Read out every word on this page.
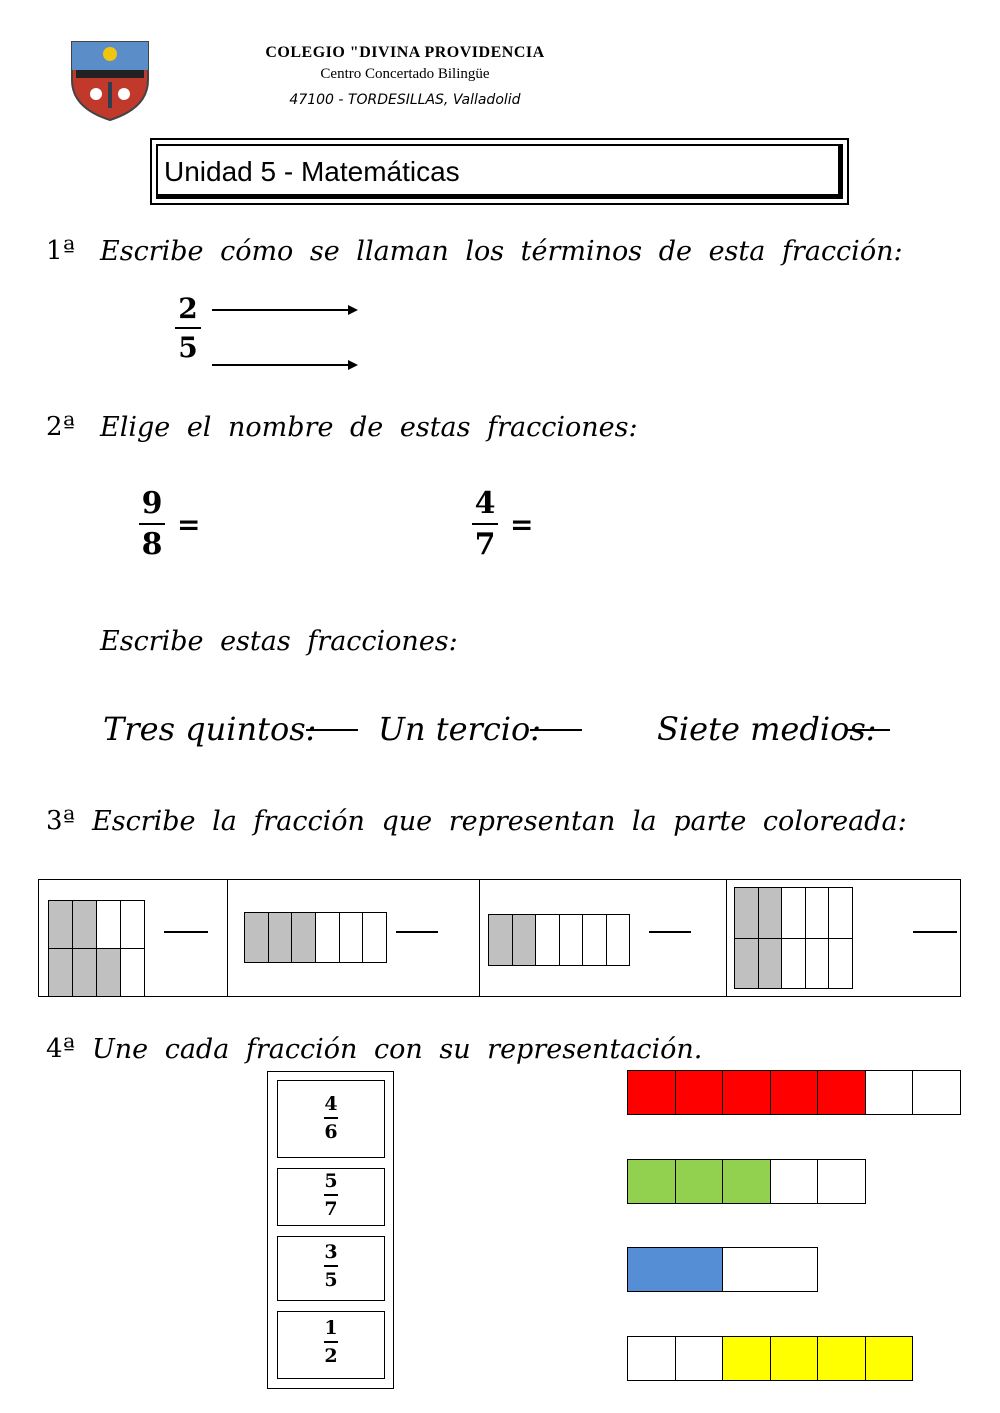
COLEGIO "DIVINA PROVIDENCIA
Centro Concertado Bilingüe
47100 - TORDESILLAS, Valladolid
Unidad 5 - Matemáticas
1ª Escribe cómo se llaman los términos de esta fracción:
2
5
2ª Elige el nombre de estas fracciones:
9
8
=
4
7
=
Escribe estas fracciones:
Tres quintos: Un tercio:	Siete medios:
3ª Escribe la fracción que representan la parte coloreada:
4ª Une cada fracción con su representación.
4
6
5
7
3
5
1
2
